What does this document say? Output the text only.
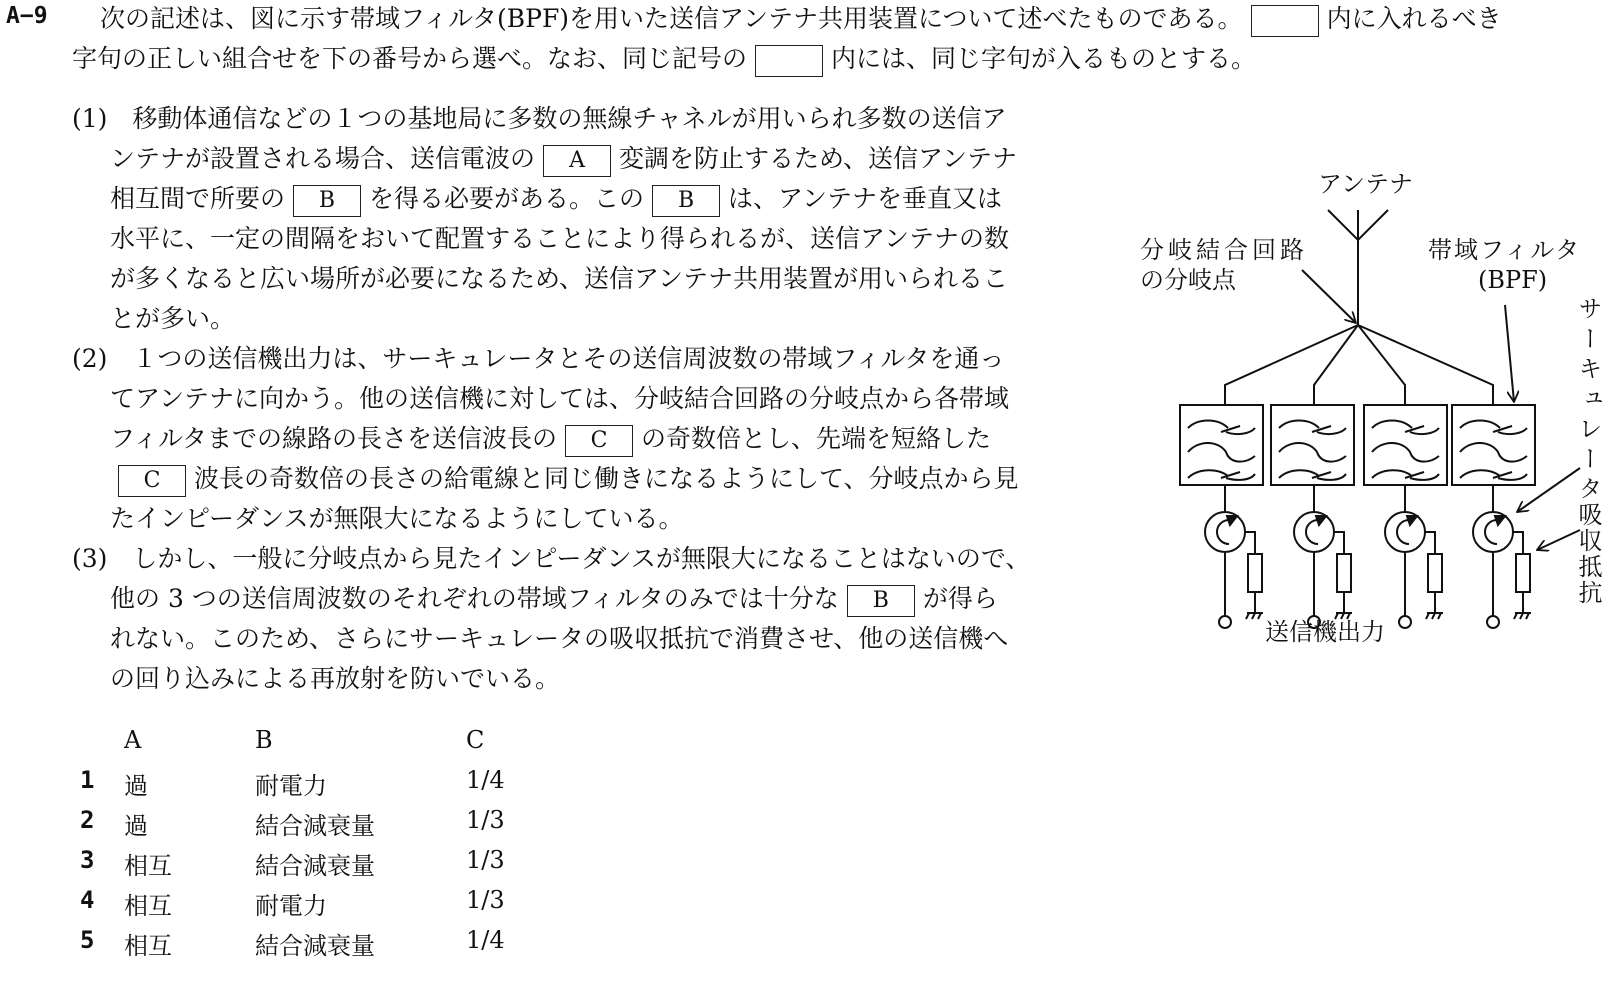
A−9 次の記述は、図に示す帯域フィルタ(BPF)を用いた送信アンテナ共用装置について述べたものである。	内に入れるべき
字句の正しい組合せを下の番号から選べ。なお、同じ記号の	内には、同じ字句が入るものとする。
(1)　移動体通信などの１つの基地局に多数の無線チャネルが用いられ多数の送信ア
ンテナが設置される場合、送信電波の A 変調を防止するため、送信アンテナ
相互間で所要の B を得る必要がある。この B は、アンテナを垂直又は
水平に、一定の間隔をおいて配置することにより得られるが、送信アンテナの数
が多くなると広い場所が必要になるため、送信アンテナ共用装置が用いられるこ
とが多い。
(2)　１つの送信機出力は、サーキュレータとその送信周波数の帯域フィルタを通っ
てアンテナに向かう。他の送信機に対しては、分岐結合回路の分岐点から各帯域
フィルタまでの線路の長さを送信波長の C の奇数倍とし、先端を短絡した
C 波長の奇数倍の長さの給電線と同じ働きになるようにして、分岐点から見
たインピーダンスが無限大になるようにしている。
(3)　しかし、一般に分岐点から見たインピーダンスが無限大になることはないので、
他の 3 つの送信周波数のそれぞれの帯域フィルタのみでは十分な B が得ら
れない。このため、さらにサーキュレータの吸収抵抗で消費させ、他の送信機へ
の回り込みによる再放射を防いでいる。
アンテナ
分岐結合回路
の分岐点
帯域フィルタ
(BPF)
サーキュレータ
吸収抵抗
送信機出力
A	B	C
1 過	耐電力	1/4
2 過	結合減衰量	1/3
3 相互	結合減衰量	1/3
4 相互	耐電力	1/3
5 相互	結合減衰量	1/4
